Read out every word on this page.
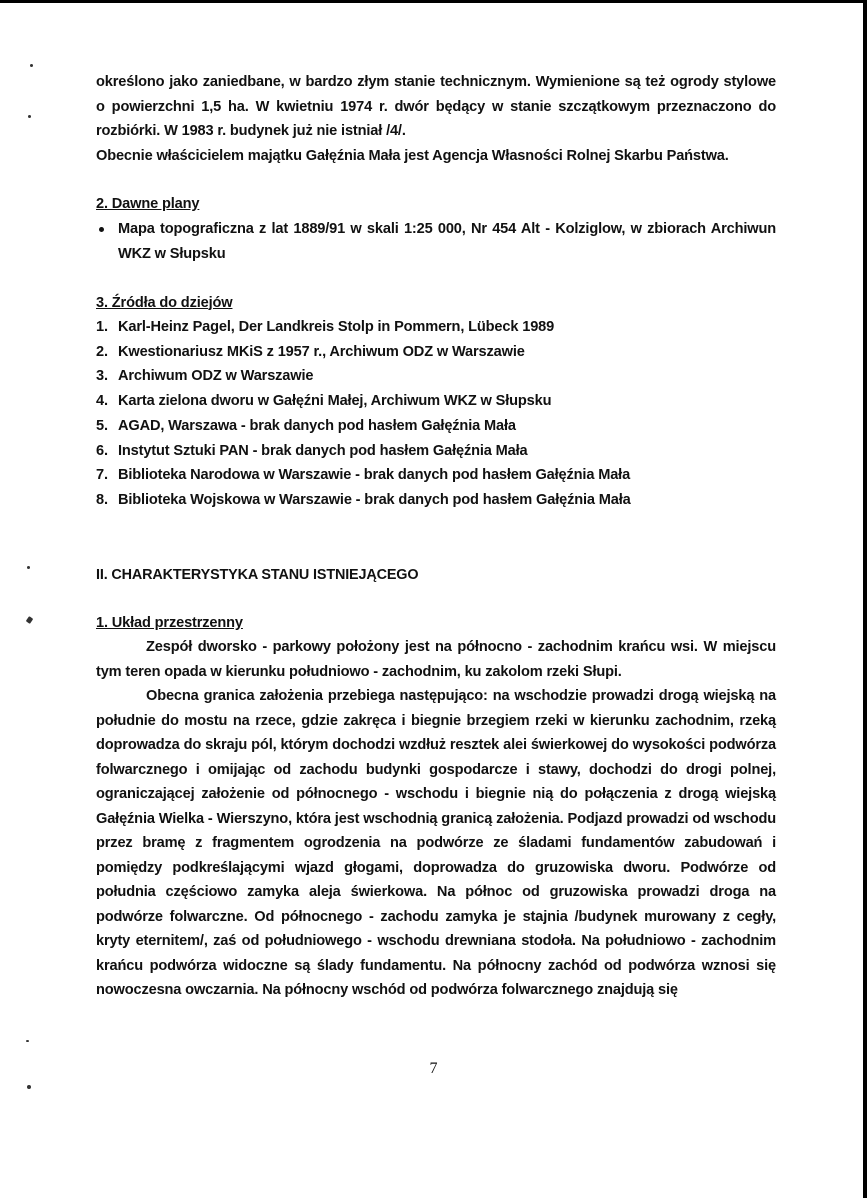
określono jako zaniedbane, w bardzo złym stanie technicznym. Wymienione są też ogrody stylowe o powierzchni 1,5 ha. W kwietniu 1974 r. dwór będący w stanie szczątkowym przeznaczono do rozbiórki. W 1983 r. budynek już nie istniał /4/.

Obecnie właścicielem majątku Gałęźnia Mała jest Agencja Własności Rolnej Skarbu Państwa.

2. Dawne plany

Mapa topograficzna z lat 1889/91 w skali 1:25 000, Nr 454 Alt - Kolziglow, w zbiorach Archiwun WKZ w Słupsku

3. Źródła do dziejów

1. Karl-Heinz Pagel, Der Landkreis Stolp in Pommern, Lübeck 1989
2. Kwestionariusz MKiS z 1957 r., Archiwum ODZ w Warszawie
3. Archiwum ODZ w Warszawie
4. Karta zielona dworu w Gałęźni Małej, Archiwum WKZ w Słupsku
5. AGAD, Warszawa - brak danych pod hasłem Gałęźnia Mała
6. Instytut Sztuki PAN - brak danych pod hasłem Gałęźnia Mała
7. Biblioteka Narodowa w Warszawie - brak danych pod hasłem Gałęźnia Mała
8. Biblioteka Wojskowa w Warszawie - brak danych pod hasłem Gałęźnia Mała

II. CHARAKTERYSTYKA STANU ISTNIEJĄCEGO

1. Układ przestrzenny

Zespół dworsko - parkowy położony jest na północno - zachodnim krańcu wsi. W miejscu tym teren opada w kierunku południowo - zachodnim, ku zakolom rzeki Słupi.

Obecna granica założenia przebiega następująco: na wschodzie prowadzi drogą wiejską na południe do mostu na rzece, gdzie zakręca i biegnie brzegiem rzeki w kierunku zachodnim, rzeką doprowadza do skraju pól, którym dochodzi wzdłuż resztek alei świerkowej do wysokości podwórza folwarcznego i omijając od zachodu budynki gospodarcze i stawy, dochodzi do drogi polnej, ograniczającej założenie od północnego - wschodu i biegnie nią do połączenia z drogą wiejską Gałęźnia Wielka - Wierszyno, która jest wschodnią granicą założenia. Podjazd prowadzi od wschodu przez bramę z fragmentem ogrodzenia na podwórze ze śladami fundamentów zabudowań i pomiędzy podkreślającymi wjazd głogami, doprowadza do gruzowiska dworu. Podwórze od południa częściowo zamyka aleja świerkowa. Na północ od gruzowiska prowadzi droga na podwórze folwarczne. Od północnego - zachodu zamyka je stajnia /budynek murowany z cegły, kryty eternitem/, zaś od południowego - wschodu drewniana stodoła. Na południowo - zachodnim krańcu podwórza widoczne są ślady fundamentu. Na północny zachód od podwórza wznosi się nowoczesna owczarnia. Na północny wschód od podwórza folwarcznego znajdują się

7
